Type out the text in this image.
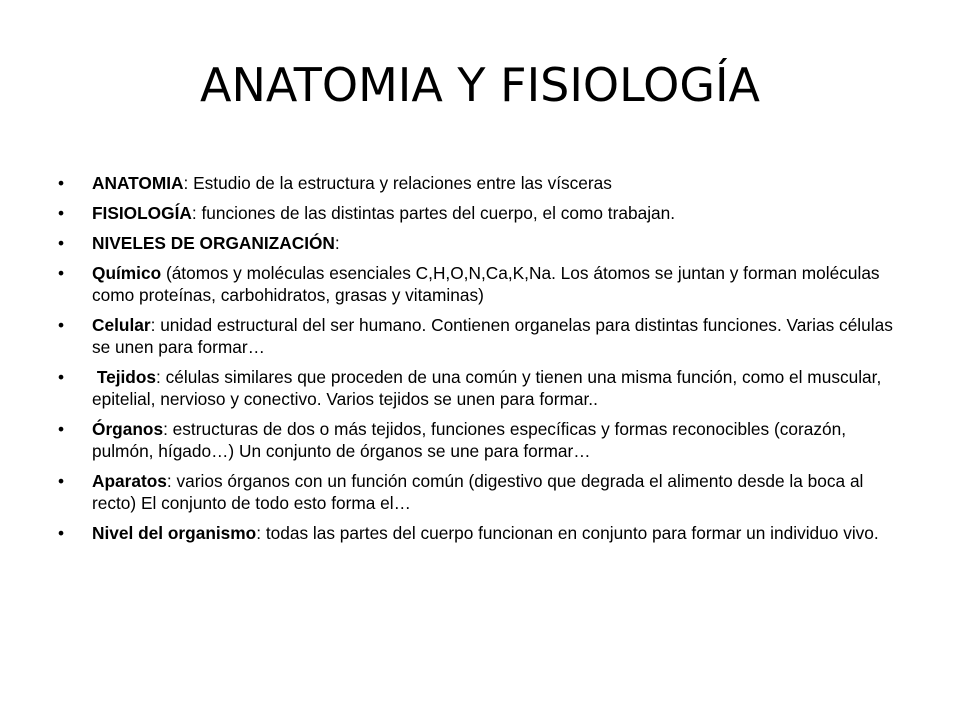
ANATOMIA Y FISIOLOGÍA
•	ANATOMIA: Estudio de la estructura y relaciones entre las vísceras
•	FISIOLOGÍA: funciones de las distintas partes del cuerpo, el como trabajan.
•	NIVELES DE ORGANIZACIÓN:
•	Químico (átomos y moléculas esenciales C,H,O,N,Ca,K,Na. Los átomos se juntan y forman moléculas como proteínas, carbohidratos, grasas y vitaminas)
•	Celular: unidad estructural del ser humano. Contienen organelas para distintas funciones. Varias células se unen para formar…
•	Tejidos: células similares que proceden de una común y tienen una misma función, como el muscular, epitelial, nervioso y conectivo. Varios tejidos se unen para formar..
•	Órganos: estructuras de dos o más tejidos, funciones específicas y formas reconocibles (corazón, pulmón, hígado…) Un conjunto de órganos se une para formar…
•	Aparatos: varios órganos con un función común (digestivo que degrada el alimento desde la boca al recto) El conjunto de todo esto forma el…
•	Nivel del organismo: todas las partes del cuerpo funcionan en conjunto para formar un individuo vivo.
